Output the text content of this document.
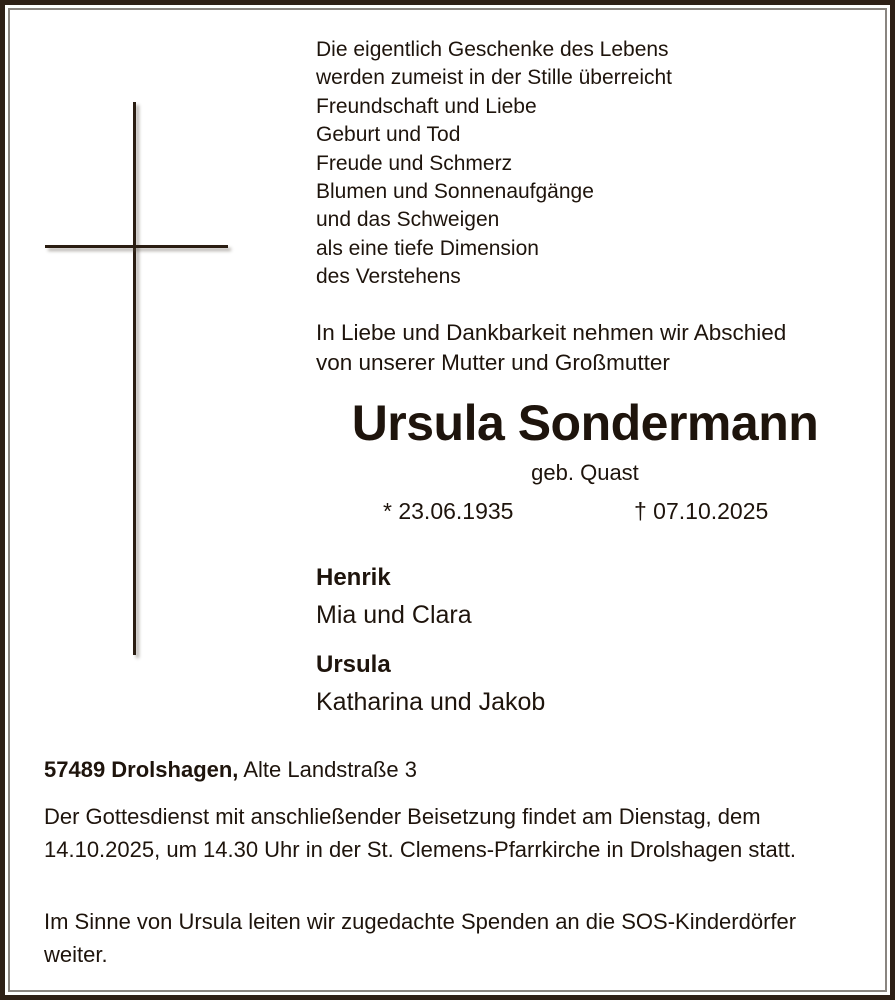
Die eigentlich Geschenke des Lebens
werden zumeist in der Stille überreicht
Freundschaft und Liebe
Geburt und Tod
Freude und Schmerz
Blumen und Sonnenaufgänge
und das Schweigen
als eine tiefe Dimension
des Verstehens
In Liebe und Dankbarkeit nehmen wir Abschied
von unserer Mutter und Großmutter
Ursula Sondermann
geb. Quast
* 23.06.1935	† 07.10.2025
Henrik
Mia und Clara
Ursula
Katharina und Jakob
57489 Drolshagen, Alte Landstraße 3
Der Gottesdienst mit anschließender Beisetzung findet am Dienstag, dem 14.10.2025, um 14.30 Uhr in der St. Clemens-Pfarrkirche in Drolshagen statt.
Im Sinne von Ursula leiten wir zugedachte Spenden an die SOS-Kinderdörfer weiter.
